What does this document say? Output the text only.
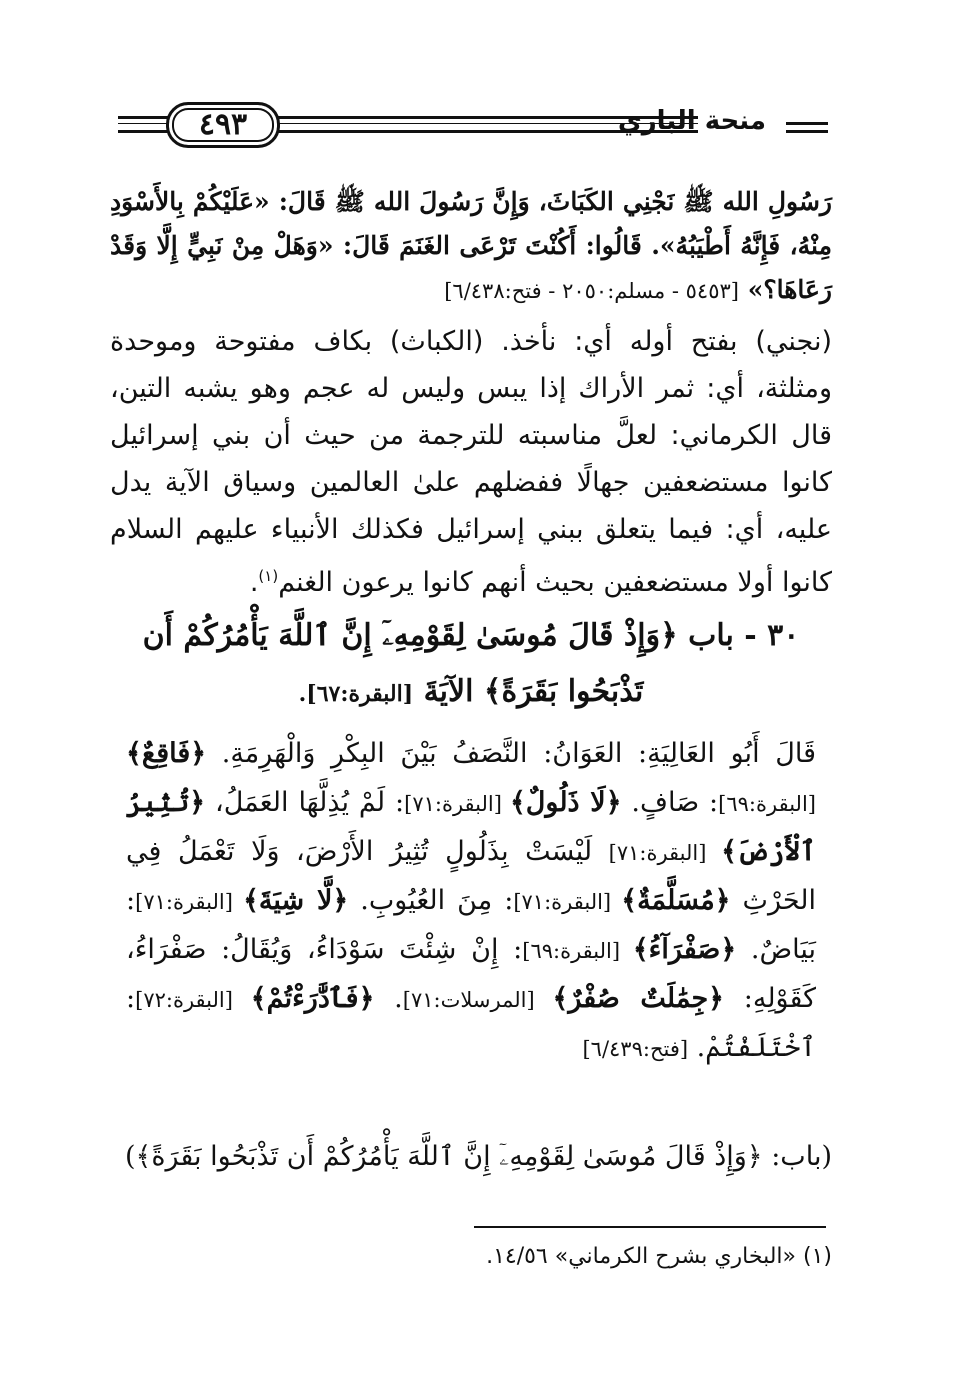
٤٩٣	منحة الباري
رَسُولِ الله ﷺ نَجْنِي الكَبَاثَ، وَإِنَّ رَسُولَ الله ﷺ قَالَ: «عَلَيْكُمْ بِالأَسْوَدِ مِنْهُ، فَإِنَّهُ أَطْيَبُهُ». قَالُوا: أَكُنْتَ تَرْعَى الغَنَمَ قَالَ: «وَهَلْ مِنْ نَبِيٍّ إِلَّا وَقَدْ رَعَاهَا؟» [٥٤٥٣ - مسلم:٢٠٥٠ - فتح:٦/٤٣٨]
(نجني) بفتح أوله أي: نأخذ. (الكباث) بكاف مفتوحة وموحدة ومثلثة، أي: ثمر الأراك إذا يبس وليس له عجم وهو يشبه التين، قال الكرماني: لعلَّ مناسبته للترجمة من حيث أن بني إسرائيل كانوا مستضعفين جهالًا ففضلهم علىٰ العالمين وسياق الآية يدل عليه، أي: فيما يتعلق ببني إسرائيل فكذلك الأنبياء عليهم السلام كانوا أولا مستضعفين بحيث أنهم كانوا يرعون الغنم$^{(١)}$.
٣٠ - باب ﴿وَإِذْ قَالَ مُوسَىٰ لِقَوْمِهِۦٓ إِنَّ ٱللَّهَ يَأْمُرُكُمْ أَن تَذْبَحُوا بَقَرَةً﴾ الآيَةَ [البقرة:٦٧].
قَالَ أَبُو العَالِيَةِ: العَوَانُ: النَّصَفُ بَيْنَ البِكْرِ وَالْهَرِمَةِ. ﴿فَاقِعٌ﴾ [البقرة:٦٩]: صَافٍ. ﴿لَا ذَلُولٌ﴾ [البقرة:٧١]: لَمْ يُذِلَّهَا العَمَلُ، ﴿تُثِيرُ ٱلْأَرْضَ﴾ [البقرة:٧١] لَيْسَتْ بِذَلُولٍ تُثِيرُ الأَرْضَ، وَلَا تَعْمَلُ فِي الحَرْثِ ﴿مُسَلَّمَةٌ﴾ [البقرة:٧١]: مِنَ العُيُوبِ. ﴿لَّا شِيَةَ﴾ [البقرة:٧١]: بَيَاضٌ. ﴿صَفْرَآءُ﴾ [البقرة:٦٩]: إِنْ شِئْتَ سَوْدَاءُ، وَيُقَالُ: صَفْرَاءُ، كَقَوْلِهِ: ﴿جِمَٰلَتٌ صُفْرٌ﴾ [المرسلات:٧١]. ﴿فَٱدَّٰرَءْتُمْ﴾ [البقرة:٧٢]: ٱخْتَلَفْتُمْ. [فتح:٦/٤٣٩]
(باب: ﴿وَإِذْ قَالَ مُوسَىٰ لِقَوْمِهِۦٓ إِنَّ ٱللَّهَ يَأْمُرُكُمْ أَن تَذْبَحُوا بَقَرَةً﴾)
(١) «البخاري بشرح الكرماني» ١٤/٥٦.
